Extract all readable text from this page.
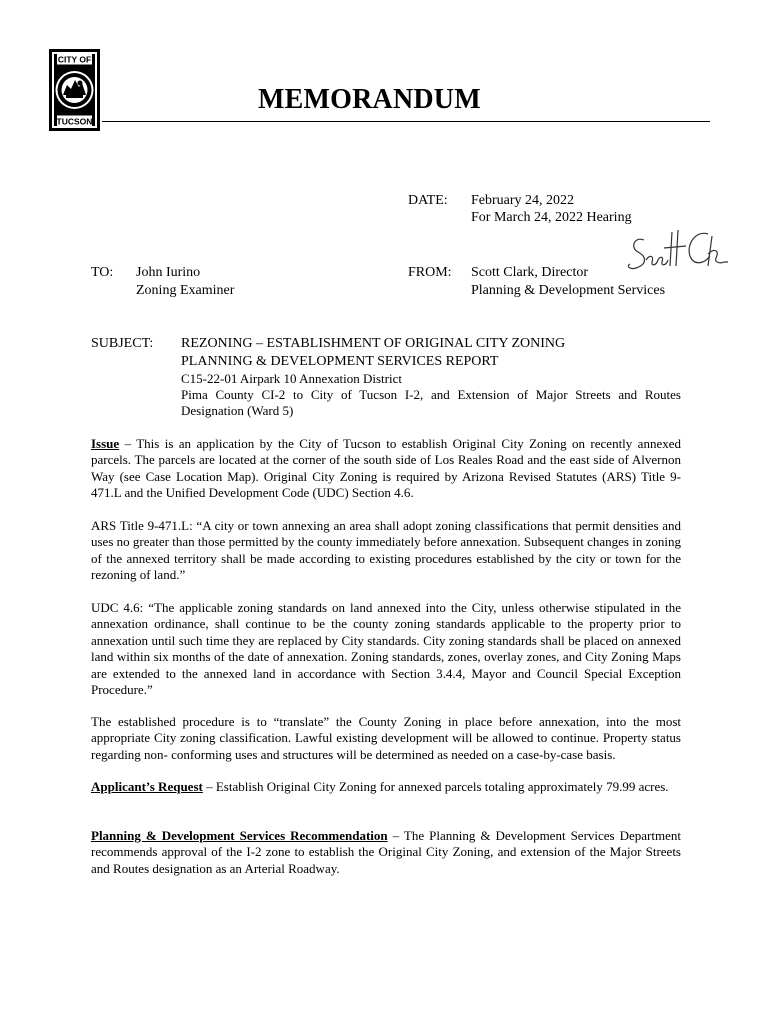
CITY OF
TUCSON
MEMORANDUM
DATE: February 24, 2022
For March 24, 2022 Hearing
TO: John Iurino
Zoning Examiner
FROM: Scott Clark, Director
Planning & Development Services
SUBJECT: REZONING – ESTABLISHMENT OF ORIGINAL CITY ZONING
PLANNING & DEVELOPMENT SERVICES REPORT
C15-22-01 Airpark 10 Annexation District
Pima County CI-2 to City of Tucson I-2, and Extension of Major Streets and Routes Designation (Ward 5)
Issue – This is an application by the City of Tucson to establish Original City Zoning on recently annexed parcels. The parcels are located at the corner of the south side of Los Reales Road and the east side of Alvernon Way (see Case Location Map). Original City Zoning is required by Arizona Revised Statutes (ARS) Title 9-471.L and the Unified Development Code (UDC) Section 4.6.
ARS Title 9-471.L: “A city or town annexing an area shall adopt zoning classifications that permit densities and uses no greater than those permitted by the county immediately before annexation. Subsequent changes in zoning of the annexed territory shall be made according to existing procedures established by the city or town for the rezoning of land.”
UDC 4.6: “The applicable zoning standards on land annexed into the City, unless otherwise stipulated in the annexation ordinance, shall continue to be the county zoning standards applicable to the property prior to annexation until such time they are replaced by City standards. City zoning standards shall be placed on annexed land within six months of the date of annexation. Zoning standards, zones, overlay zones, and City Zoning Maps are extended to the annexed land in accordance with Section 3.4.4, Mayor and Council Special Exception Procedure.”
The established procedure is to “translate” the County Zoning in place before annexation, into the most appropriate City zoning classification. Lawful existing development will be allowed to continue. Property status regarding non- conforming uses and structures will be determined as needed on a case-by-case basis.
Applicant’s Request – Establish Original City Zoning for annexed parcels totaling approximately 79.99 acres.
Planning & Development Services Recommendation – The Planning & Development Services Department recommends approval of the I-2 zone to establish the Original City Zoning, and extension of the Major Streets and Routes designation as an Arterial Roadway.
